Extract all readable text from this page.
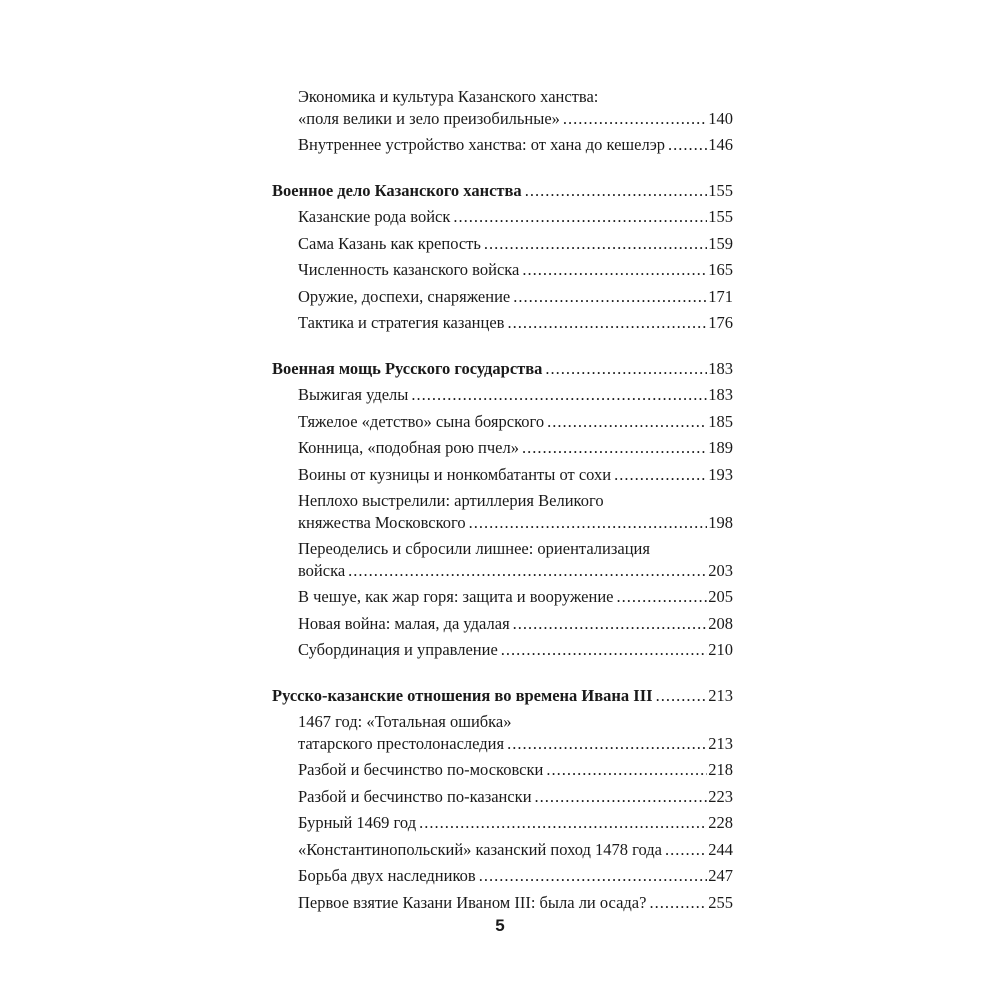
Экономика и культура Казанского ханства:
«поля велики и зело преизобильные» .....	140
Внутреннее устройство ханства: от хана до кешелэр .....	146
Военное дело Казанского ханства .....	155
Казанские рода войск .....	155
Сама Казань как крепость .....	159
Численность казанского войска .....	165
Оружие, доспехи, снаряжение .....	171
Тактика и стратегия казанцев .....	176
Военная мощь Русского государства .....	183
Выжигая уделы .....	183
Тяжелое «детство» сына боярского .....	185
Конница, «подобная рою пчел» .....	189
Воины от кузницы и нонкомбатанты от сохи .....	193
Неплохо выстрелили: артиллерия Великого
княжества Московского .....	198
Переоделись и сбросили лишнее: ориентализация
войска .....	203
В чешуе, как жар горя: защита и вооружение .....	205
Новая война: малая, да удалая .....	208
Субординация и управление .....	210
Русско-казанские отношения во времена Ивана III .....	213
1467 год: «Тотальная ошибка»
татарского престолонаследия .....	213
Разбой и бесчинство по-московски .....	218
Разбой и бесчинство по-казански .....	223
Бурный 1469 год .....	228
«Константинопольский» казанский поход 1478 года .....	244
Борьба двух наследников .....	247
Первое взятие Казани Иваном III: была ли осада? .....	255
5
